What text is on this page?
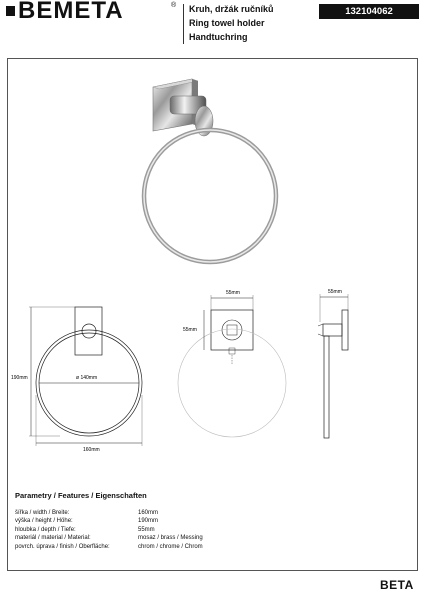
BEMETA	® Kruh, držák ručníků
Ring towel holder
Handtuchring
132104062
190mm	ø 140mm
160mm
55mm
55mm
55mm
Parametry / Features / Eigenschaften
šířka / width / Breite:	160mm
výška / height / Höhe:	190mm
hloubka / depth / Tiefe:	55mm
materiál / material / Material:	mosaz / brass / Messing
povrch. úprava / finish / Oberfläche:	chrom / chrome / Chrom
BETA
